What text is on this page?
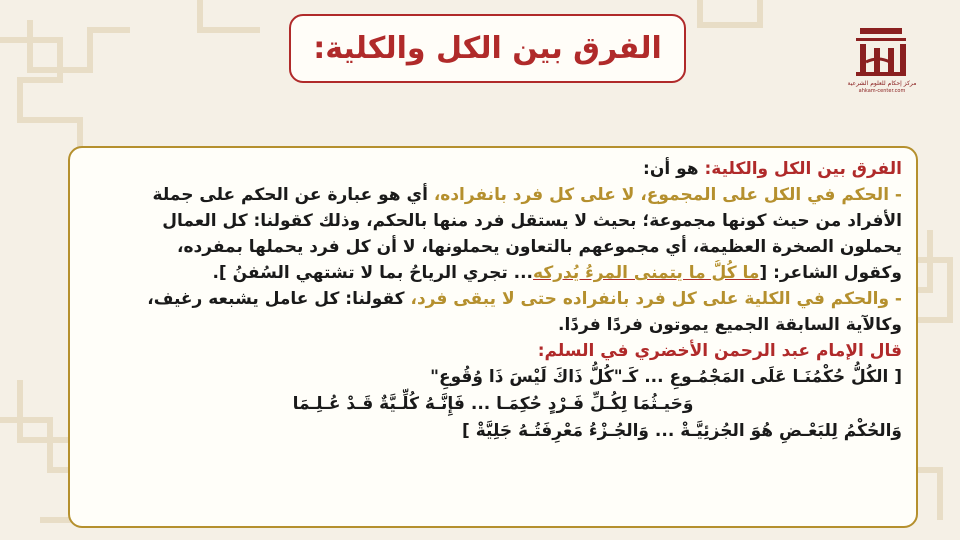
الفرق بين الكل والكلية:
مركز إحكام للعلوم الشرعية
ahkam-center.com
الفرق بين الكل والكلية: هو أن:
- الحكم في الكل على المجموع، لا على كل فرد بانفراده، أي هو عبارة عن الحكم على جملة
الأفراد من حيث كونها مجموعة؛ بحيث لا يستقل فرد منها بالحكم، وذلك كقولنا: كل العمال
يحملون الصخرة العظيمة، أي مجموعهم بالتعاون يحملونها، لا أن كل فرد يحملها بمفرده،
وكقول الشاعر: [ما كُلُّ ما يتمنى المرءُ يُدركه... تجري الرياحُ بما لا تشتهي السُفنُ ].
- والحكم في الكلية على كل فرد بانفراده حتى لا يبقى فرد، كقولنا: كل عامل يشبعه رغيف،
وكالآية السابقة الجميع يموتون فردًا فردًا.
قال الإمام عبد الرحمن الأخضري في السلم:
[ الكُلُّ حُكْمُنَـا عَلَى المَجْمُـوعِ ... كَـ"كُلُّ ذَاكَ لَيْسَ ذَا وُقُوعِ"
وَحَيـثُمَا لِكُـلِّ فَـرْدٍ حُكِمَـا ... فَإِنَّـهُ كُلِّـيَّةٌ قَـدْ عُـلِـمَا
وَالحُكْمُ لِلبَعْـضِ هُوَ الجُزئِيَّـةْ ... وَالجُـزْءُ مَعْرِفَتُـهُ جَلِيَّةْ ]
